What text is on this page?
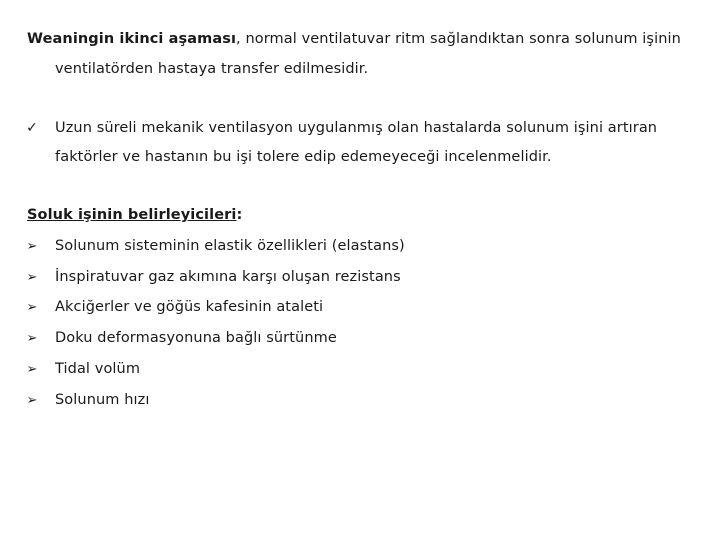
Weaningin ikinci aşaması, normal ventilatuvar ritm sağlandıktan sonra solunum işinin
ventilatörden hastaya transfer edilmesidir.
✓ Uzun süreli mekanik ventilasyon uygulanmış olan hastalarda solunum işini artıran
faktörler ve hastanın bu işi tolere edip edemeyeceği incelenmelidir.
Soluk işinin belirleyicileri:
➢ Solunum sisteminin elastik özellikleri (elastans)
➢ İnspiratuvar gaz akımına karşı oluşan rezistans
➢ Akciğerler ve göğüs kafesinin ataleti
➢ Doku deformasyonuna bağlı sürtünme
➢ Tidal volüm
➢ Solunum hızı
